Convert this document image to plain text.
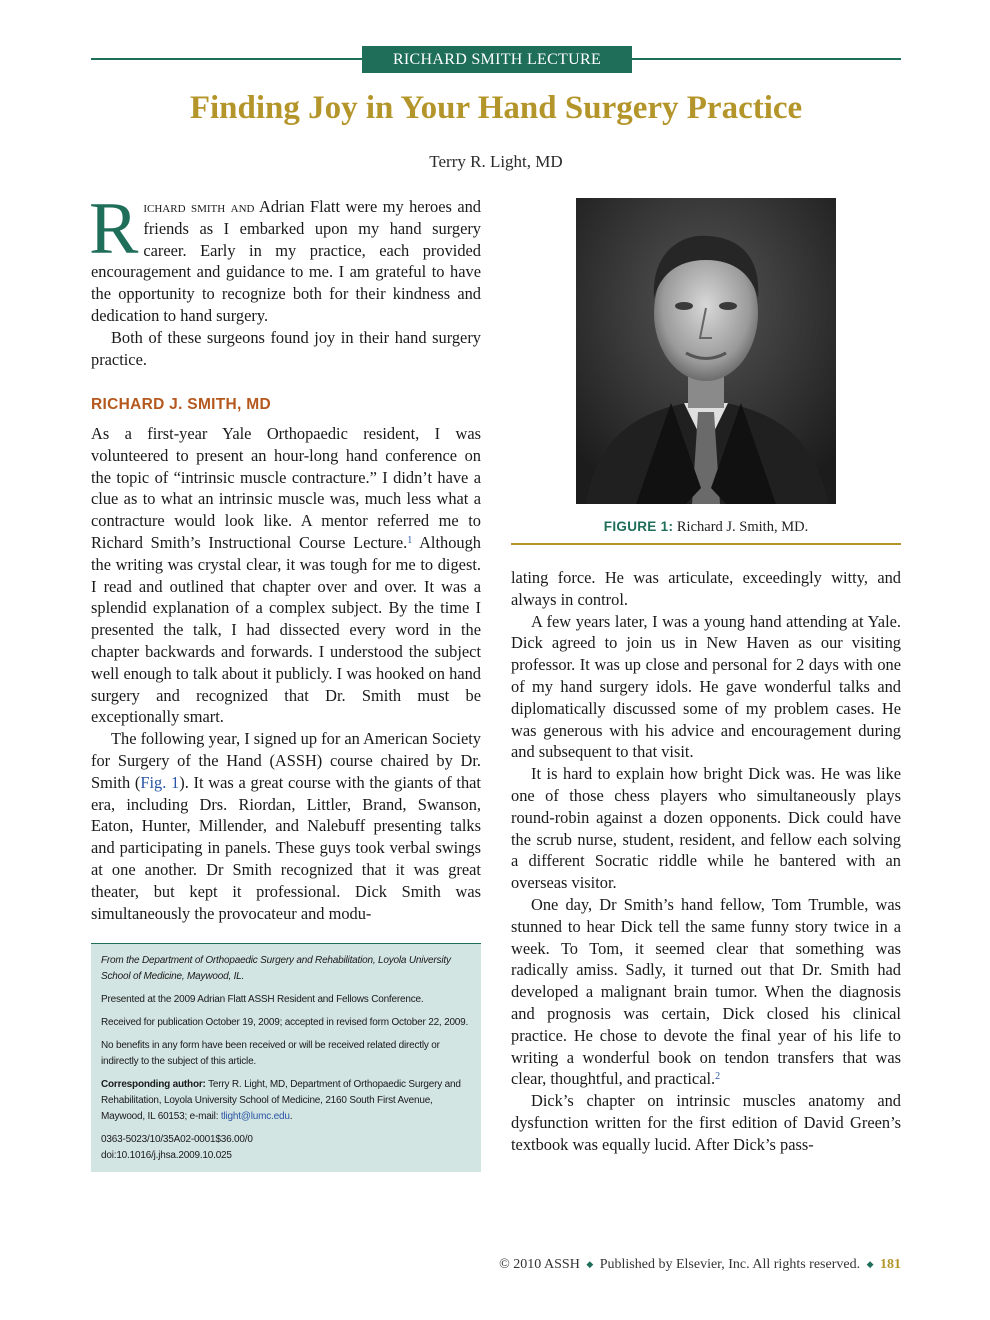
RICHARD SMITH LECTURE
Finding Joy in Your Hand Surgery Practice
Terry R. Light, MD

Richard smith and Adrian Flatt were my heroes and friends as I embarked upon my hand surgery career. Early in my practice, each provided encouragement and guidance to me. I am grateful to have the opportunity to recognize both for their kindness and dedication to hand surgery.

Both of these surgeons found joy in their hand surgery practice.

RICHARD J. SMITH, MD

As a first-year Yale Orthopaedic resident, I was volunteered to present an hour-long hand conference on the topic of “intrinsic muscle contracture.” I didn’t have a clue as to what an intrinsic muscle was, much less what a contracture would look like. A mentor referred me to Richard Smith’s Instructional Course Lecture.$^1$ Although the writing was crystal clear, it was tough for me to digest. I read and outlined that chapter over and over. It was a splendid explanation of a complex subject. By the time I presented the talk, I had dissected every word in the chapter backwards and forwards. I understood the subject well enough to talk about it publicly. I was hooked on hand surgery and recognized that Dr. Smith must be exceptionally smart.

The following year, I signed up for an American Society for Surgery of the Hand (ASSH) course chaired by Dr. Smith (Fig. 1). It was a great course with the giants of that era, including Drs. Riordan, Littler, Brand, Swanson, Eaton, Hunter, Millender, and Nalebuff presenting talks and participating in panels. These guys took verbal swings at one another. Dr Smith recognized that it was great theater, but kept it professional. Dick Smith was simultaneously the provocateur and modu-

FIGURE 1: Richard J. Smith, MD.

lating force. He was articulate, exceedingly witty, and always in control.

A few years later, I was a young hand attending at Yale. Dick agreed to join us in New Haven as our visiting professor. It was up close and personal for 2 days with one of my hand surgery idols. He gave wonderful talks and diplomatically discussed some of my problem cases. He was generous with his advice and encouragement during and subsequent to that visit.

It is hard to explain how bright Dick was. He was like one of those chess players who simultaneously plays round-robin against a dozen opponents. Dick could have the scrub nurse, student, resident, and fellow each solving a different Socratic riddle while he bantered with an overseas visitor.

One day, Dr Smith’s hand fellow, Tom Trumble, was stunned to hear Dick tell the same funny story twice in a week. To Tom, it seemed clear that something was radically amiss. Sadly, it turned out that Dr. Smith had developed a malignant brain tumor. When the diagnosis and prognosis was certain, Dick closed his clinical practice. He chose to devote the final year of his life to writing a wonderful book on tendon transfers that was clear, thoughtful, and practical.$^2$

Dick’s chapter on intrinsic muscles anatomy and dysfunction written for the first edition of David Green’s textbook was equally lucid. After Dick’s pass-

From the Department of Orthopaedic Surgery and Rehabilitation, Loyola University School of Medicine, Maywood, IL.

Presented at the 2009 Adrian Flatt ASSH Resident and Fellows Conference.

Received for publication October 19, 2009; accepted in revised form October 22, 2009.

No benefits in any form have been received or will be received related directly or indirectly to the subject of this article.

Corresponding author: Terry R. Light, MD, Department of Orthopaedic Surgery and Rehabilitation, Loyola University School of Medicine, 2160 South First Avenue, Maywood, IL 60153; e-mail: tlight@lumc.edu.

0363-5023/10/35A02-0001$36.00/0

doi:10.1016/j.jhsa.2009.10.025

© 2010 ASSH ◆ Published by Elsevier, Inc. All rights reserved. ◆ 181
